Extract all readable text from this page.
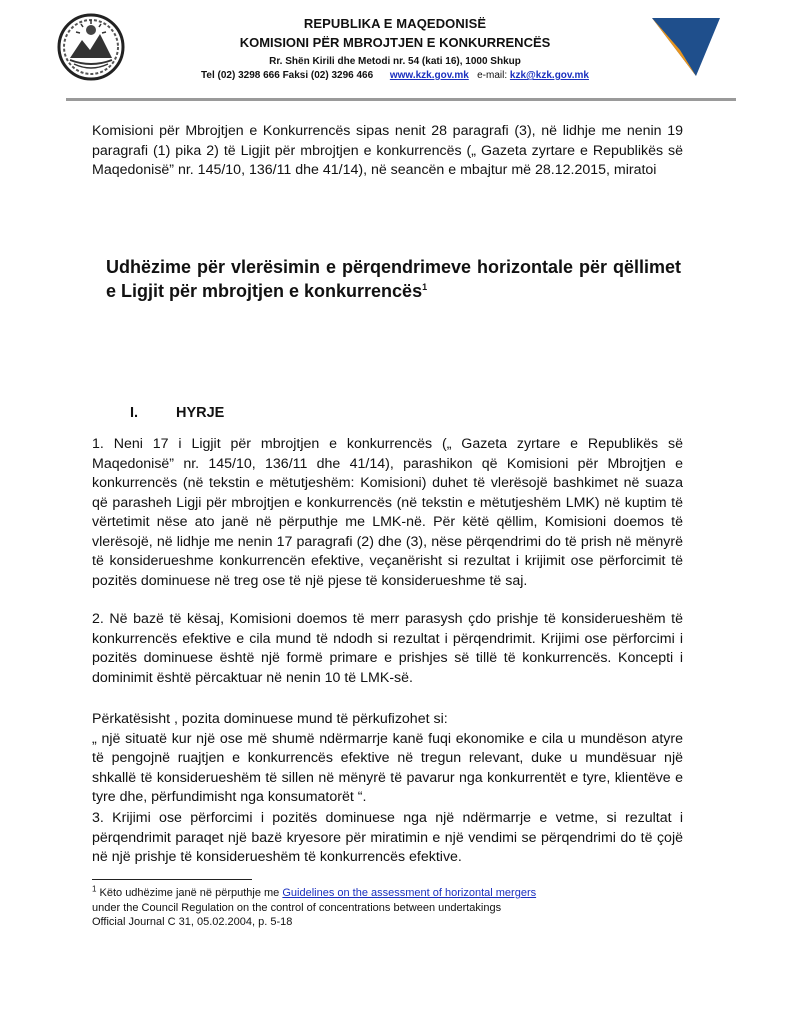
REPUBLIKA E MAQEDONISË
KOMISIONI PËR MBROJTJEN E KONKURRENCËS
Rr. Shën Kirili dhe Metodi nr. 54 (kati 16), 1000 Shkup
Tel (02) 3298 666 Faksi (02) 3296 466 www.kzk.gov.mk e-mail: kzk@kzk.gov.mk
Komisioni për Mbrojtjen e Konkurrencës sipas nenit 28 paragrafi (3), në lidhje me nenin 19 paragrafi (1) pika 2) të Ligjit për mbrojtjen e konkurrencës („ Gazeta zyrtare e Republikës së Maqedonisë” nr. 145/10, 136/11 dhe 41/14), në seancën e mbajtur më 28.12.2015, miratoi
Udhëzime për vlerësimin e përqendrimeve horizontale për qëllimet e Ligjit për mbrojtjen e konkurrencës$^1$
I.	HYRJE
1. Neni 17 i Ligjit për mbrojtjen e konkurrencës („ Gazeta zyrtare e Republikës së Maqedonisë” nr. 145/10, 136/11 dhe 41/14), parashikon që Komisioni për Mbrojtjen e konkurrencës (në tekstin e mëtutjeshëm: Komisioni) duhet të vlerësojë bashkimet në suaza që parasheh Ligji për mbrojtjen e konkurrencës (në tekstin e mëtutjeshëm LMK) në kuptim të vërtetimit nëse ato janë në përputhje me LMK-në. Për këtë qëllim, Komisioni doemos të vlerësojë, në lidhje me nenin 17 paragrafi (2) dhe (3), nëse përqendrimi do të prish në mënyrë të konsiderueshme konkurrencën efektive, veçanërisht si rezultat i krijimit ose përforcimit të pozitës dominuese në treg ose të një pjese të konsiderueshme të saj.
2. Në bazë të kësaj, Komisioni doemos të merr parasysh çdo prishje të konsiderueshëm të konkurrencës efektive e cila mund të ndodh si rezultat i përqendrimit. Krijimi ose përforcimi i pozitës dominuese është një formë primare e prishjes së tillë të konkurrencës. Koncepti i dominimit është përcaktuar në nenin 10 të LMK-së.
Përkatësisht , pozita dominuese mund të përkufizohet si:
„ një situatë kur një ose më shumë ndërmarrje kanë fuqi ekonomike e cila u mundëson atyre të pengojnë ruajtjen e konkurrencës efektive në tregun relevant, duke u mundësuar një shkallë të konsiderueshëm të sillen në mënyrë të pavarur nga konkurrentët e tyre, klientëve e tyre dhe, përfundimisht nga konsumatorët “.
3. Krijimi ose përforcimi i pozitës dominuese nga një ndërmarrje e vetme, si rezultat i përqendrimit paraqet një bazë kryesore për miratimin e një vendimi se përqendrimi do të çojë në një prishje të konsiderueshëm të konkurrencës efektive.
$^1$ Këto udhëzime janë në përputhje me Guidelines on the assessment of horizontal mergers
under the Council Regulation on the control of concentrations between undertakings
Official Journal C 31, 05.02.2004, p. 5-18
